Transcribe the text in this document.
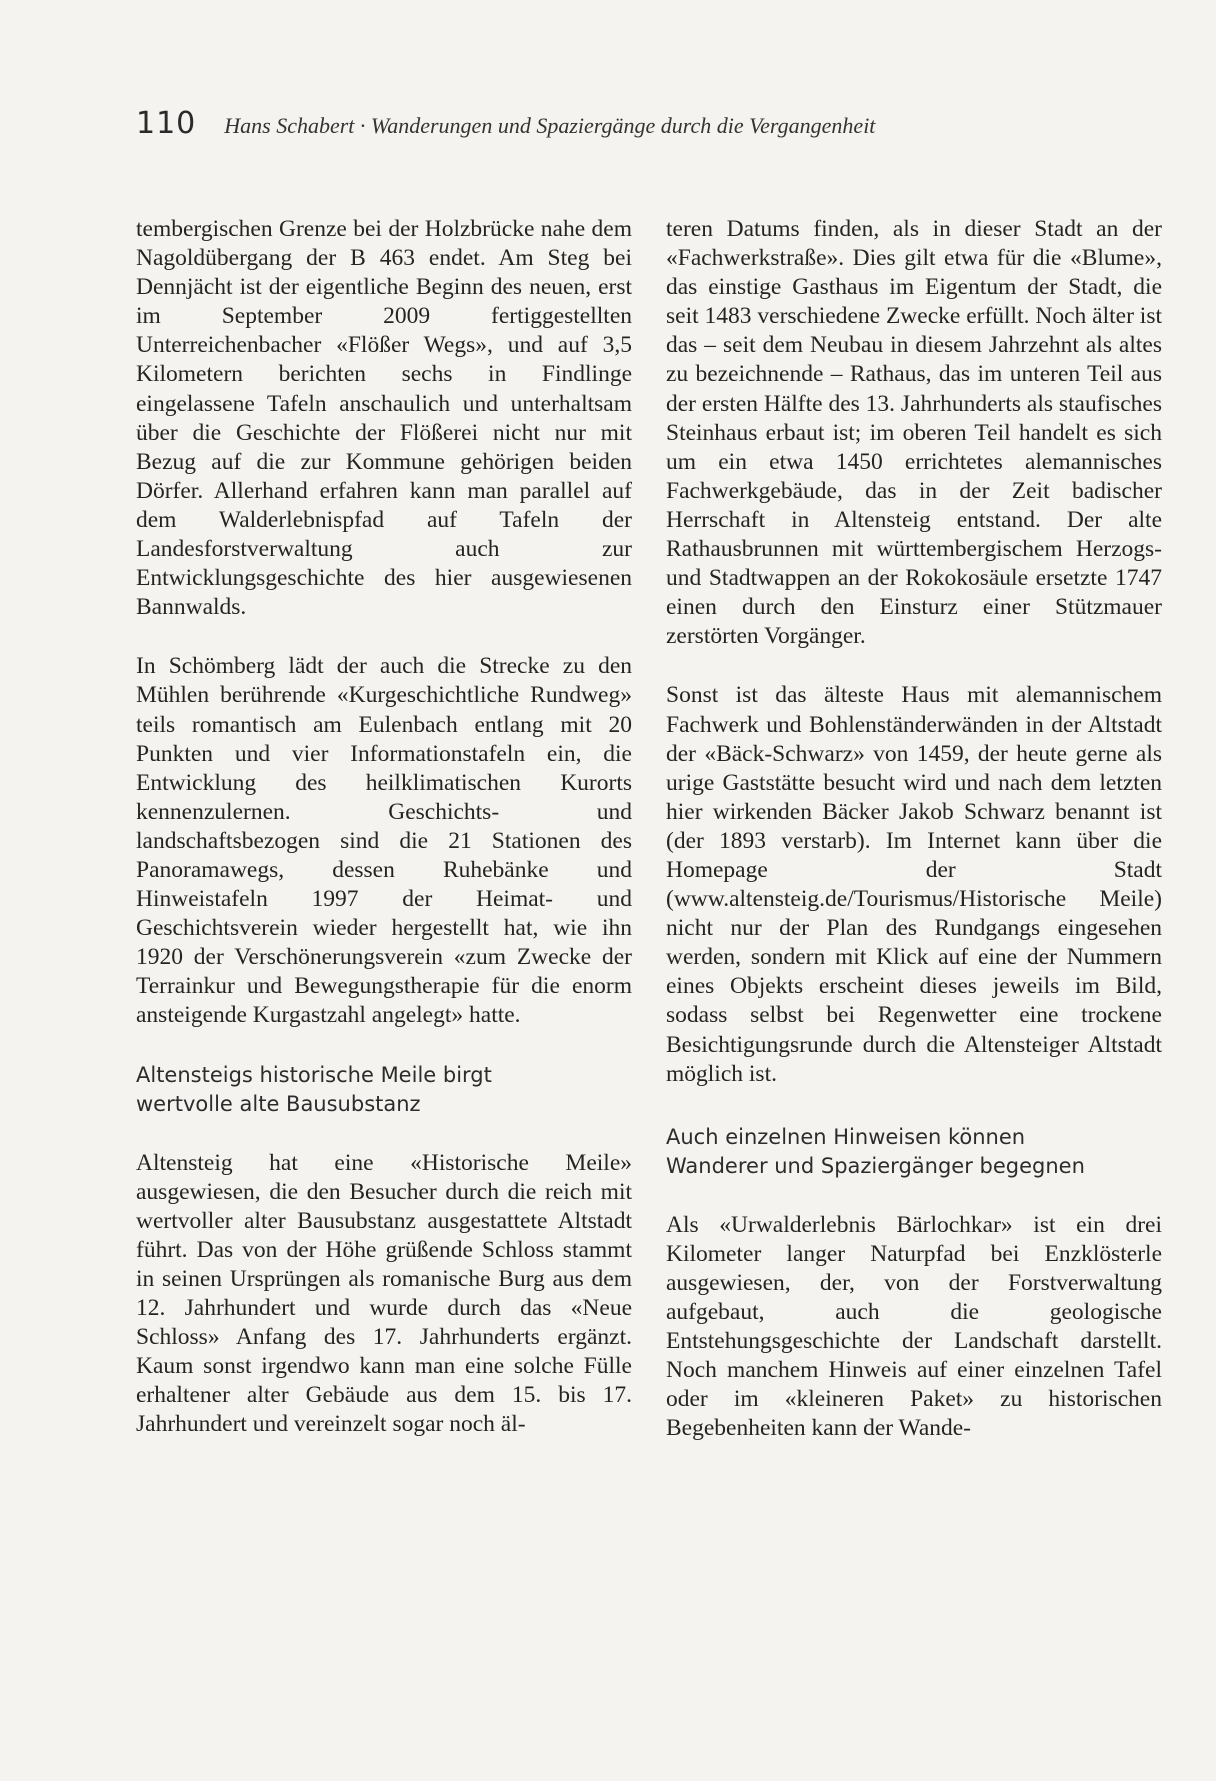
110 Hans Schabert · Wanderungen und Spaziergänge durch die Vergangenheit

tembergischen Grenze bei der Holzbrücke nahe dem Nagoldübergang der B 463 endet. Am Steg bei Dennjächt ist der eigentliche Beginn des neuen, erst im September 2009 fertiggestellten Unterreichenbacher «Flößer Wegs», und auf 3,5 Kilometern berichten sechs in Findlinge eingelassene Tafeln anschaulich und unterhaltsam über die Geschichte der Flößerei nicht nur mit Bezug auf die zur Kommune gehörigen beiden Dörfer. Allerhand erfahren kann man parallel auf dem Walderlebnispfad auf Tafeln der Landesforstverwaltung auch zur Entwicklungsgeschichte des hier ausgewiesenen Bannwalds.

In Schömberg lädt der auch die Strecke zu den Mühlen berührende «Kurgeschichtliche Rundweg» teils romantisch am Eulenbach entlang mit 20 Punkten und vier Informationstafeln ein, die Entwicklung des heilklimatischen Kurorts kennenzulernen. Geschichts- und landschaftsbezogen sind die 21 Stationen des Panoramawegs, dessen Ruhebänke und Hinweistafeln 1997 der Heimat- und Geschichtsverein wieder hergestellt hat, wie ihn 1920 der Verschönerungsverein «zum Zwecke der Terrainkur und Bewegungstherapie für die enorm ansteigende Kurgastzahl angelegt» hatte.

Altensteigs historische Meile birgt
wertvolle alte Bausubstanz

Altensteig hat eine «Historische Meile» ausgewiesen, die den Besucher durch die reich mit wertvoller alter Bausubstanz ausgestattete Altstadt führt. Das von der Höhe grüßende Schloss stammt in seinen Ursprüngen als romanische Burg aus dem 12. Jahrhundert und wurde durch das «Neue Schloss» Anfang des 17. Jahrhunderts ergänzt. Kaum sonst irgendwo kann man eine solche Fülle erhaltener alter Gebäude aus dem 15. bis 17. Jahrhundert und vereinzelt sogar noch äl-

teren Datums finden, als in dieser Stadt an der «Fachwerkstraße». Dies gilt etwa für die «Blume», das einstige Gasthaus im Eigentum der Stadt, die seit 1483 verschiedene Zwecke erfüllt. Noch älter ist das – seit dem Neubau in diesem Jahrzehnt als altes zu bezeichnende – Rathaus, das im unteren Teil aus der ersten Hälfte des 13. Jahrhunderts als staufisches Steinhaus erbaut ist; im oberen Teil handelt es sich um ein etwa 1450 errichtetes alemannisches Fachwerkgebäude, das in der Zeit badischer Herrschaft in Altensteig entstand. Der alte Rathausbrunnen mit württembergischem Herzogs- und Stadtwappen an der Rokokosäule ersetzte 1747 einen durch den Einsturz einer Stützmauer zerstörten Vorgänger.

Sonst ist das älteste Haus mit alemannischem Fachwerk und Bohlenständerwänden in der Altstadt der «Bäck-Schwarz» von 1459, der heute gerne als urige Gaststätte besucht wird und nach dem letzten hier wirkenden Bäcker Jakob Schwarz benannt ist (der 1893 verstarb). Im Internet kann über die Homepage der Stadt (www.altensteig.de/Tourismus/Historische Meile) nicht nur der Plan des Rundgangs eingesehen werden, sondern mit Klick auf eine der Nummern eines Objekts erscheint dieses jeweils im Bild, sodass selbst bei Regenwetter eine trockene Besichtigungsrunde durch die Altensteiger Altstadt möglich ist.

Auch einzelnen Hinweisen können
Wanderer und Spaziergänger begegnen

Als «Urwalderlebnis Bärlochkar» ist ein drei Kilometer langer Naturpfad bei Enzklösterle ausgewiesen, der, von der Forstverwaltung aufgebaut, auch die geologische Entstehungsgeschichte der Landschaft darstellt. Noch manchem Hinweis auf einer einzelnen Tafel oder im «kleineren Paket» zu historischen Begebenheiten kann der Wande-
